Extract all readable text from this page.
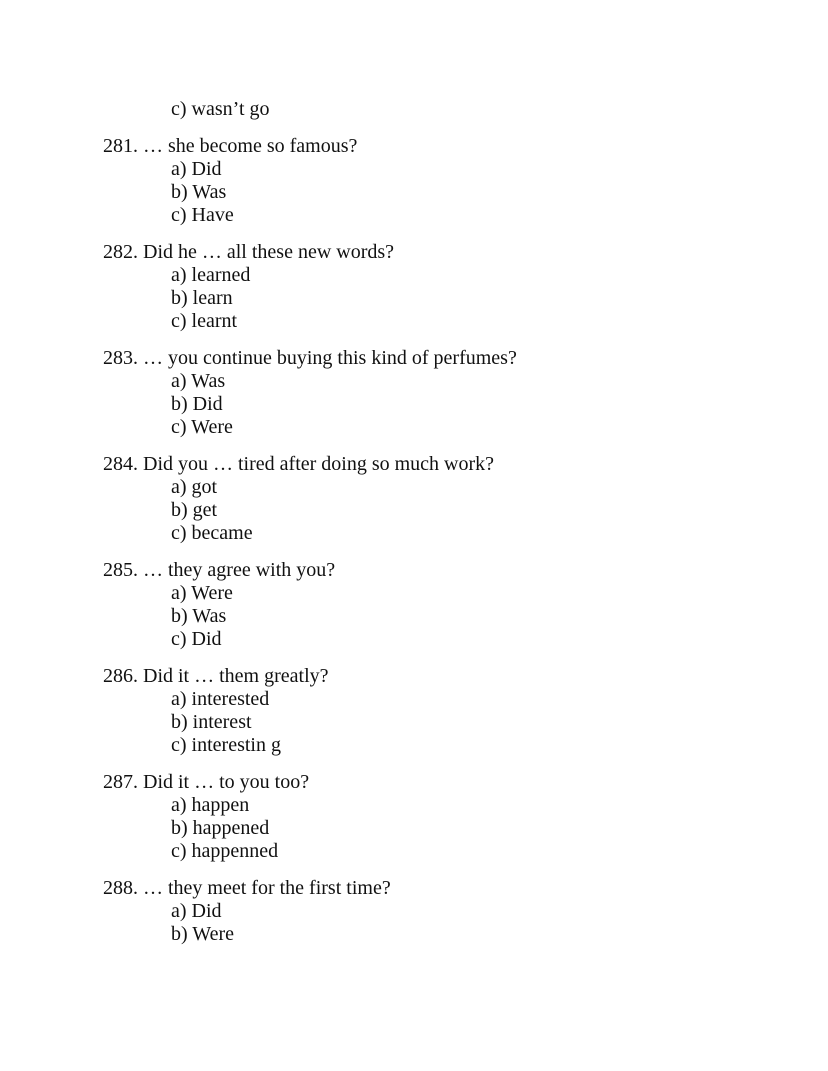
c) wasn’t go
281. … she become so famous?
a) Did
b) Was
c) Have
282. Did he … all these new words?
a) learned
b) learn
c) learnt
283. … you continue buying this kind of perfumes?
a) Was
b) Did
c) Were
284. Did you … tired after doing so much work?
a) got
b) get
c) became
285. … they agree with you?
a) Were
b) Was
c) Did
286. Did it … them greatly?
a) interested
b) interest
c) interestin g
287. Did it … to you too?
a) happen
b) happened
c) happenned
288. … they meet for the first time?
a) Did
b) Were
